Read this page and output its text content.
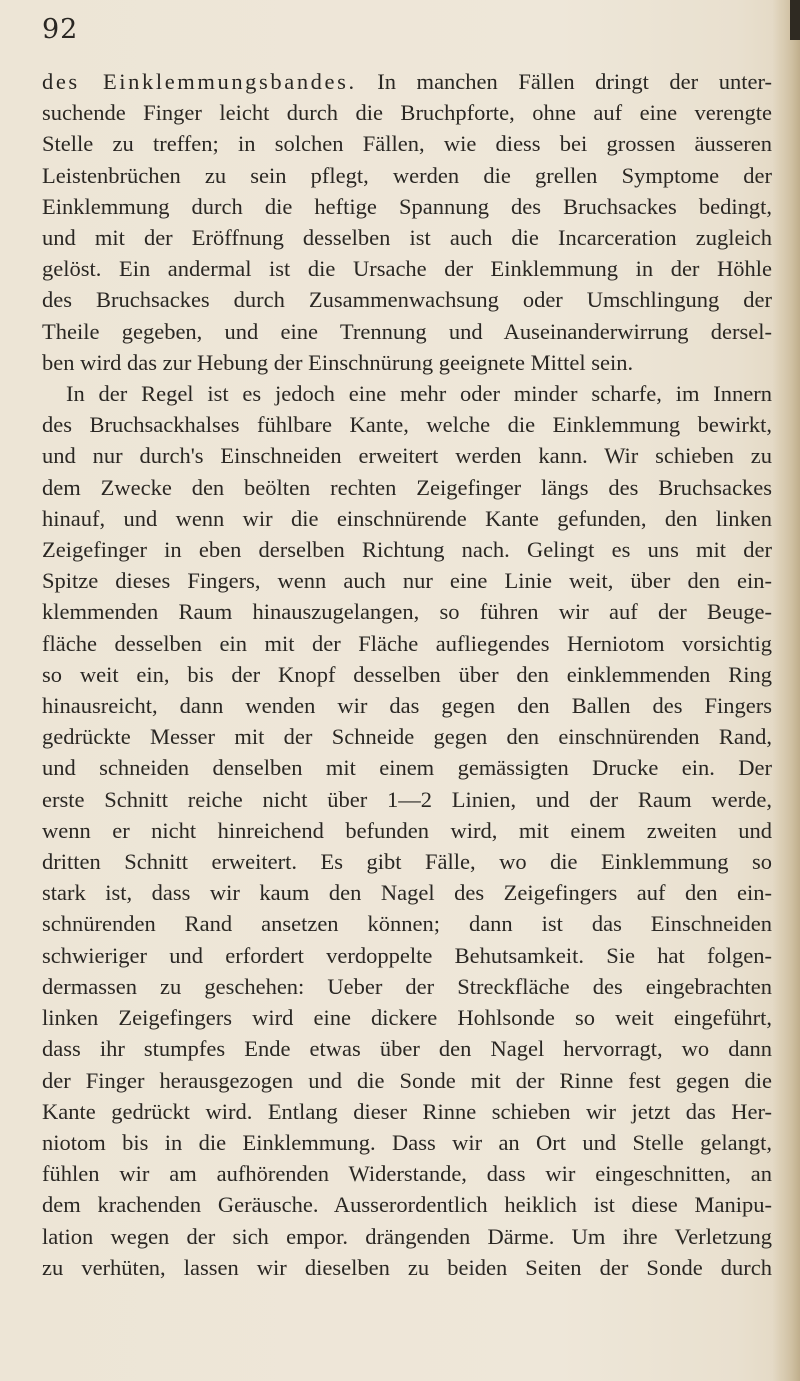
92

des Einklemmungsbandes. In manchen Fällen dringt der unter-

suchende Finger leicht durch die Bruchpforte, ohne auf eine verengte

Stelle zu treffen; in solchen Fällen, wie diess bei grossen äusseren

Leistenbrüchen zu sein pflegt, werden die grellen Symptome der

Einklemmung durch die heftige Spannung des Bruchsackes bedingt,

und mit der Eröffnung desselben ist auch die Incarceration zugleich

gelöst. Ein andermal ist die Ursache der Einklemmung in der Höhle

des Bruchsackes durch Zusammenwachsung oder Umschlingung der

Theile gegeben, und eine Trennung und Auseinanderwirrung dersel-

ben wird das zur Hebung der Einschnürung geeignete Mittel sein.

In der Regel ist es jedoch eine mehr oder minder scharfe, im Innern

des Bruchsackhalses fühlbare Kante, welche die Einklemmung bewirkt,

und nur durch's Einschneiden erweitert werden kann. Wir schieben zu

dem Zwecke den beölten rechten Zeigefinger längs des Bruchsackes

hinauf, und wenn wir die einschnürende Kante gefunden, den linken

Zeigefinger in eben derselben Richtung nach. Gelingt es uns mit der

Spitze dieses Fingers, wenn auch nur eine Linie weit, über den ein-

klemmenden Raum hinauszugelangen, so führen wir auf der Beuge-

fläche desselben ein mit der Fläche aufliegendes Herniotom vorsichtig

so weit ein, bis der Knopf desselben über den einklemmenden Ring

hinausreicht, dann wenden wir das gegen den Ballen des Fingers

gedrückte Messer mit der Schneide gegen den einschnürenden Rand,

und schneiden denselben mit einem gemässigten Drucke ein. Der

erste Schnitt reiche nicht über 1—2 Linien, und der Raum werde,

wenn er nicht hinreichend befunden wird, mit einem zweiten und

dritten Schnitt erweitert. Es gibt Fälle, wo die Einklemmung so

stark ist, dass wir kaum den Nagel des Zeigefingers auf den ein-

schnürenden Rand ansetzen können; dann ist das Einschneiden

schwieriger und erfordert verdoppelte Behutsamkeit. Sie hat folgen-

dermassen zu geschehen: Ueber der Streckfläche des eingebrachten

linken Zeigefingers wird eine dickere Hohlsonde so weit eingeführt,

dass ihr stumpfes Ende etwas über den Nagel hervorragt, wo dann

der Finger herausgezogen und die Sonde mit der Rinne fest gegen die

Kante gedrückt wird. Entlang dieser Rinne schieben wir jetzt das Her-

niotom bis in die Einklemmung. Dass wir an Ort und Stelle gelangt,

fühlen wir am aufhörenden Widerstande, dass wir eingeschnitten, an

dem krachenden Geräusche. Ausserordentlich heiklich ist diese Manipu-

lation wegen der sich empor. drängenden Därme. Um ihre Verletzung

zu verhüten, lassen wir dieselben zu beiden Seiten der Sonde durch
